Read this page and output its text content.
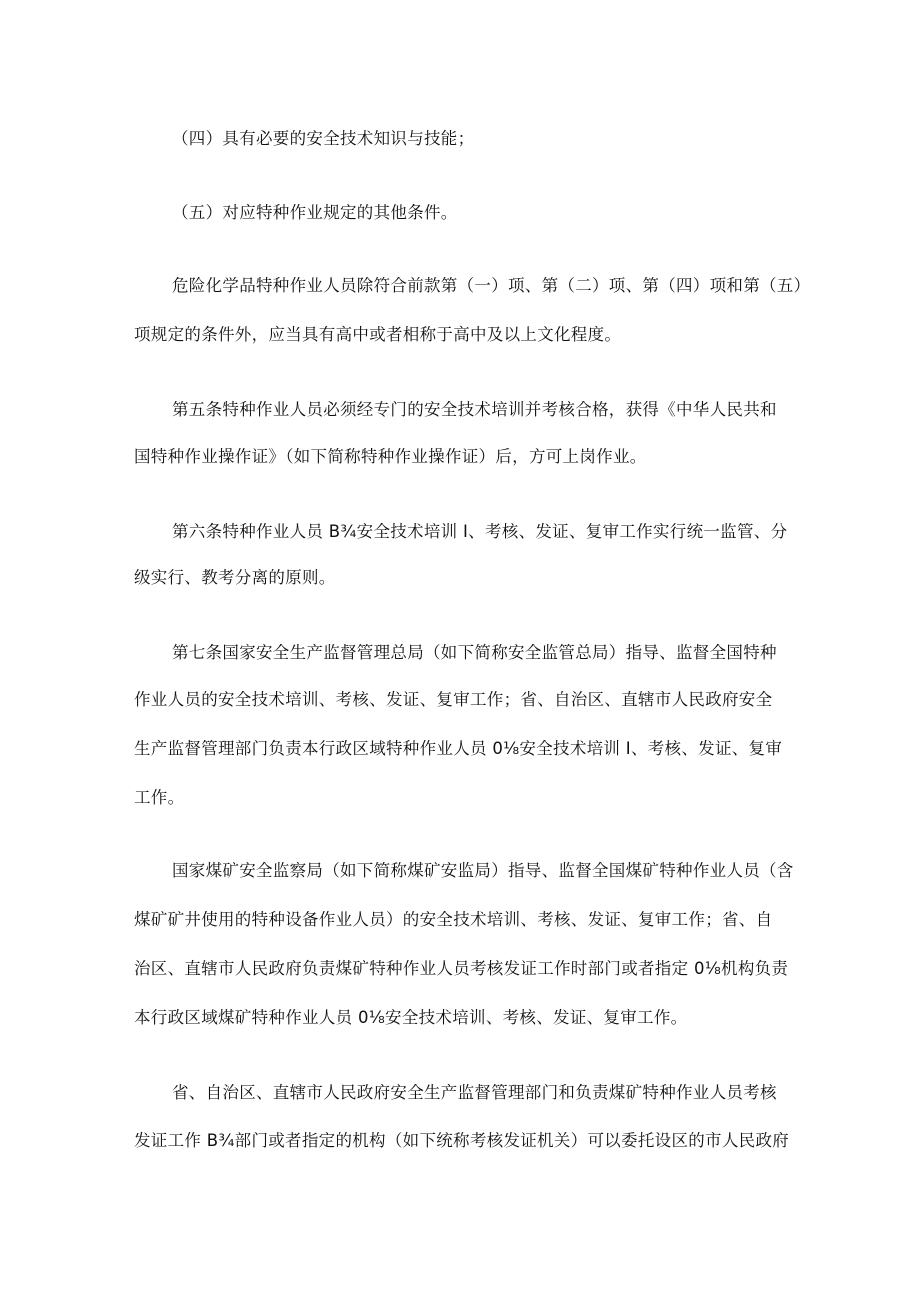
（四）具有必要的安全技术知识与技能；
（五）对应特种作业规定的其他条件。
危险化学品特种作业人员除符合前款第（一）项、第（二）项、第（四）项和第（五）
项规定的条件外，应当具有高中或者相称于高中及以上文化程度。
第五条特种作业人员必须经专门的安全技术培训并考核合格，获得《中华人民共和
国特种作业操作证》（如下简称特种作业操作证）后，方可上岗作业。
第六条特种作业人员 B¾安全技术培训 I、考核、发证、复审工作实行统一监管、分
级实行、教考分离的原则。
第七条国家安全生产监督管理总局（如下简称安全监管总局）指导、监督全国特种
作业人员的安全技术培训、考核、发证、复审工作；省、自治区、直辖市人民政府安全
生产监督管理部门负责本行政区域特种作业人员 0⅛安全技术培训 I、考核、发证、复审
工作。
国家煤矿安全监察局（如下简称煤矿安监局）指导、监督全国煤矿特种作业人员（含
煤矿矿井使用的特种设备作业人员）的安全技术培训、考核、发证、复审工作；省、自
治区、直辖市人民政府负责煤矿特种作业人员考核发证工作时部门或者指定 0⅛机构负责
本行政区域煤矿特种作业人员 0⅛安全技术培训、考核、发证、复审工作。
省、自治区、直辖市人民政府安全生产监督管理部门和负责煤矿特种作业人员考核
发证工作 B¾部门或者指定的机构（如下统称考核发证机关）可以委托设区的市人民政府
